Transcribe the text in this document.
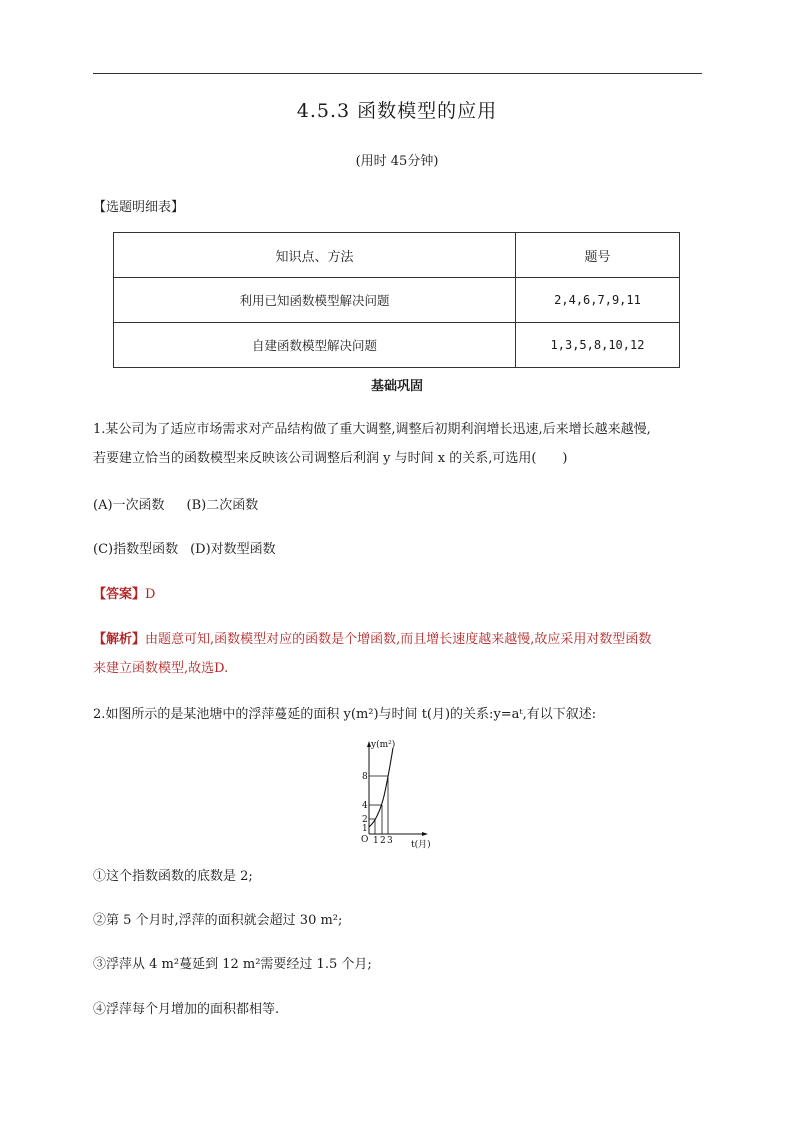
4.5.3 函数模型的应用
(用时 45分钟)
【选题明细表】
知识点、方法	题号
利用已知函数模型解决问题	2,4,6,7,9,11
自建函数模型解决问题	1,3,5,8,10,12
基础巩固
1.某公司为了适应市场需求对产品结构做了重大调整,调整后初期利润增长迅速,后来增长越来越慢,
若要建立恰当的函数模型来反映该公司调整后利润 y 与时间 x 的关系,可选用(　　)
(A)一次函数 (B)二次函数
(C)指数型函数 (D)对数型函数
【答案】D
【解析】由题意可知,函数模型对应的函数是个增函数,而且增长速度越来越慢,故应采用对数型函数
来建立函数模型,故选D.
2.如图所示的是某池塘中的浮萍蔓延的面积 y(m²)与时间 t(月)的关系:y=aᵗ,有以下叙述:
y(m²)
8
4
2
1
O 1 2 3 t(月)
①这个指数函数的底数是 2;
②第 5 个月时,浮萍的面积就会超过 30 m²;
③浮萍从 4 m²蔓延到 12 m²需要经过 1.5 个月;
④浮萍每个月增加的面积都相等.
